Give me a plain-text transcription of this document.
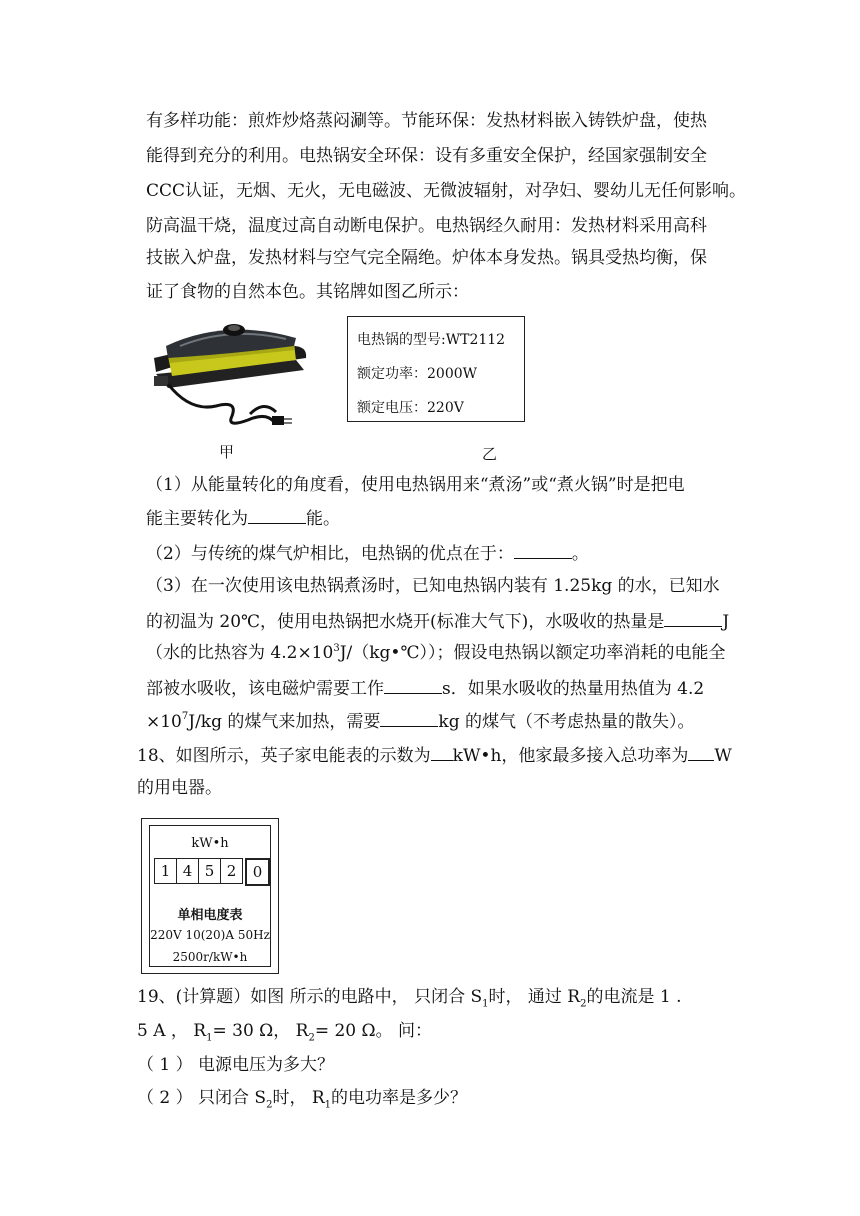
有多样功能：煎炸炒烙蒸闷涮等。节能环保：发热材料嵌入铸铁炉盘，使热
能得到充分的利用。电热锅安全环保：设有多重安全保护，经国家强制安全
CCC认证，无烟、无火，无电磁波、无微波辐射，对孕妇、婴幼儿无任何影响。
防高温干烧，温度过高自动断电保护。电热锅经久耐用：发热材料采用高科
技嵌入炉盘，发热材料与空气完全隔绝。炉体本身发热。锅具受热均衡，保
证了食物的自然本色。其铭牌如图乙所示：
电热锅的型号:WT2112
额定功率：2000W
额定电压：220V
甲	乙
（1）从能量转化的角度看，使用电热锅用来“煮汤”或“煮火锅”时是把电
能主要转化为	能。
（2）与传统的煤气炉相比，电热锅的优点在于：	。
（3）在一次使用该电热锅煮汤时，已知电热锅内装有 1.25kg 的水，已知水
的初温为 20℃，使用电热锅把水烧开(标准大气下)，水吸收的热量是	J
（水的比热容为 $4.2\times 10^3J/(kg•℃)$）；假设电热锅以额定功率消耗的电能全
部被水吸收，该电磁炉需要工作	s．如果水吸收的热量用热值为 4.2
$\times 10^7J/kg$ 的煤气来加热，需要	kg 的煤气（不考虑热量的散失）。
18、如图所示，英子家电能表的示数为 kW•h，他家最多接入总功率为 W
的用电器。
kW•h
1 4 5 2	0
单相电度表
220V 10(20)A 50Hz
2500r/kW•h
19、(计算题）如图 所示的电路中， 只闭合 $S_1$时， 通过 $R_2$的电流是 1 .
5 A ， $R_1= 30$ Ω， $R_2= 20$ Ω。 问：
（ 1 ） 电源电压为多大？
（ 2 ） 只闭合 $S_2$时， $R_1$的电功率是多少？
